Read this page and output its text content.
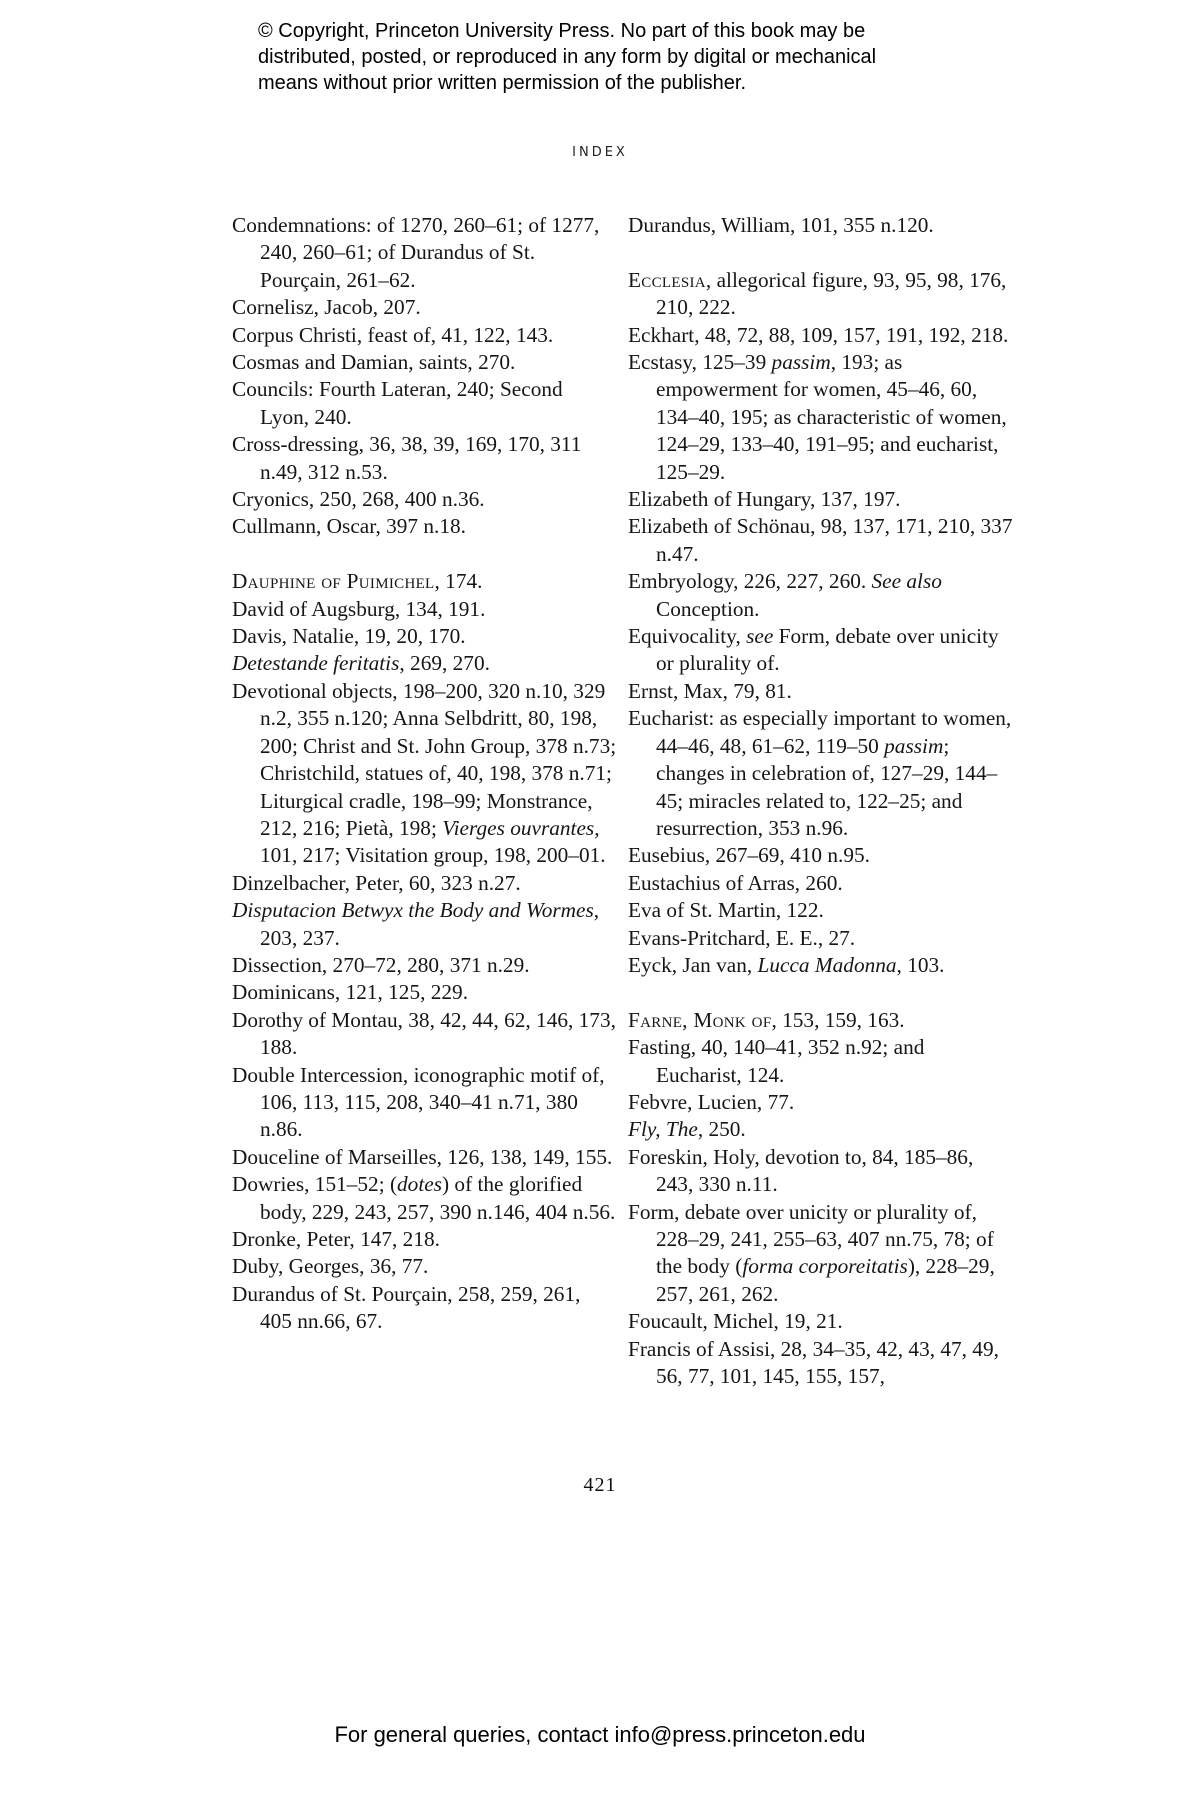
© Copyright, Princeton University Press. No part of this book may be
distributed, posted, or reproduced in any form by digital or mechanical
means without prior written permission of the publisher.
INDEX
Condemnations: of 1270, 260–61; of 1277, 240, 260–61; of Durandus of St. Pourçain, 261–62.
Cornelisz, Jacob, 207.
Corpus Christi, feast of, 41, 122, 143.
Cosmas and Damian, saints, 270.
Councils: Fourth Lateran, 240; Second Lyon, 240.
Cross-dressing, 36, 38, 39, 169, 170, 311 n.49, 312 n.53.
Cryonics, 250, 268, 400 n.36.
Cullmann, Oscar, 397 n.18.
Dauphine of Puimichel, 174.
David of Augsburg, 134, 191.
Davis, Natalie, 19, 20, 170.
Detestande feritatis, 269, 270.
Devotional objects, 198–200, 320 n.10, 329 n.2, 355 n.120; Anna Selbdritt, 80, 198, 200; Christ and St. John Group, 378 n.73; Christchild, statues of, 40, 198, 378 n.71; Liturgical cradle, 198–99; Monstrance, 212, 216; Pietà, 198; Vierges ouvrantes, 101, 217; Visitation group, 198, 200–01.
Dinzelbacher, Peter, 60, 323 n.27.
Disputacion Betwyx the Body and Wormes, 203, 237.
Dissection, 270–72, 280, 371 n.29.
Dominicans, 121, 125, 229.
Dorothy of Montau, 38, 42, 44, 62, 146, 173, 188.
Double Intercession, iconographic motif of, 106, 113, 115, 208, 340–41 n.71, 380 n.86.
Douceline of Marseilles, 126, 138, 149, 155.
Dowries, 151–52; (dotes) of the glorified body, 229, 243, 257, 390 n.146, 404 n.56.
Dronke, Peter, 147, 218.
Duby, Georges, 36, 77.
Durandus of St. Pourçain, 258, 259, 261, 405 nn.66, 67.
Durandus, William, 101, 355 n.120.
Ecclesia, allegorical figure, 93, 95, 98, 176, 210, 222.
Eckhart, 48, 72, 88, 109, 157, 191, 192, 218.
Ecstasy, 125–39 passim, 193; as empowerment for women, 45–46, 60, 134–40, 195; as characteristic of women, 124–29, 133–40, 191–95; and eucharist, 125–29.
Elizabeth of Hungary, 137, 197.
Elizabeth of Schönau, 98, 137, 171, 210, 337 n.47.
Embryology, 226, 227, 260. See also Conception.
Equivocality, see Form, debate over unicity or plurality of.
Ernst, Max, 79, 81.
Eucharist: as especially important to women, 44–46, 48, 61–62, 119–50 passim; changes in celebration of, 127–29, 144–45; miracles related to, 122–25; and resurrection, 353 n.96.
Eusebius, 267–69, 410 n.95.
Eustachius of Arras, 260.
Eva of St. Martin, 122.
Evans-Pritchard, E. E., 27.
Eyck, Jan van, Lucca Madonna, 103.
Farne, Monk of, 153, 159, 163.
Fasting, 40, 140–41, 352 n.92; and Eucharist, 124.
Febvre, Lucien, 77.
Fly, The, 250.
Foreskin, Holy, devotion to, 84, 185–86, 243, 330 n.11.
Form, debate over unicity or plurality of, 228–29, 241, 255–63, 407 nn.75, 78; of the body (forma corporeitatis), 228–29, 257, 261, 262.
Foucault, Michel, 19, 21.
Francis of Assisi, 28, 34–35, 42, 43, 47, 49, 56, 77, 101, 145, 155, 157,
421
For general queries, contact info@press.princeton.edu
